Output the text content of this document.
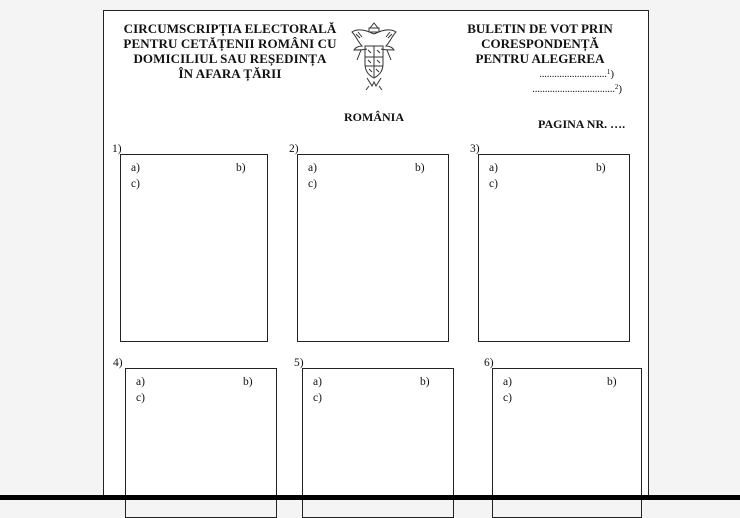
CIRCUMSCRIPȚIA ELECTORALĂ
PENTRU CETĂȚENII ROMÂNI CU
DOMICILIUL SAU REȘEDINȚA
ÎN AFARA ȚĂRII
BULETIN DE VOT PRIN
CORESPONDENȚĂ
PENTRU ALEGEREA
...........................$^1$)
.................................$^2$)
ROMÂNIA	PAGINA NR. ….
1)
a)	b)
c)
2)
a)	b)
c)
3)
a)	b)
c)
4)
a)	b)
c)
5)
a)	b)
c)
6)
a)	b)
c)
